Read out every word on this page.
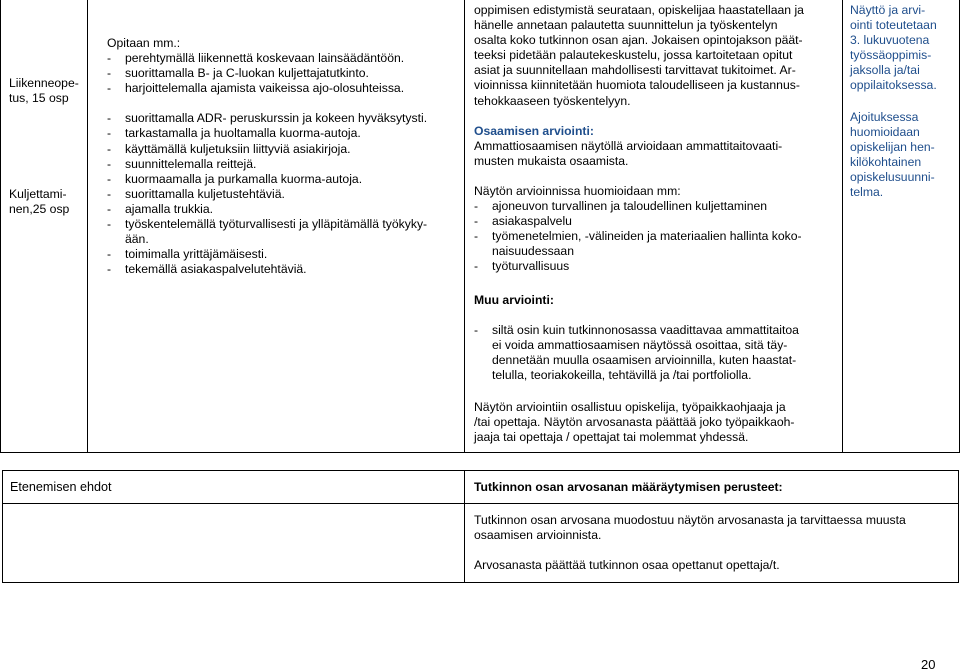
Liikenneope-
tus, 15 osp
Kuljettami-
nen,25 osp
Opitaan mm.:
- perehtymällä liikennettä koskevaan lainsäädäntöön.
- suorittamalla B- ja C-luokan kuljettajatutkinto.
- harjoittelemalla ajamista vaikeissa ajo-olosuhteissa.
- suorittamalla ADR- peruskurssin ja kokeen hyväksytysti.
- tarkastamalla ja huoltamalla kuorma-autoja.
- käyttämällä kuljetuksiin liittyviä asiakirjoja.
- suunnittelemalla reittejä.
- kuormaamalla ja purkamalla kuorma-autoja.
- suorittamalla kuljetustehtäviä.
- ajamalla trukkia.
- työskentelemällä työturvallisesti ja ylläpitämällä työkyky-
ään.
- toimimalla yrittäjämäisesti.
- tekemällä asiakaspalvelutehtäviä.
oppimisen edistymistä seurataan, opiskelijaa haastatellaan ja
hänelle annetaan palautetta suunnittelun ja työskentelyn
osalta koko tutkinnon osan ajan. Jokaisen opintojakson päät-
teeksi pidetään palautekeskustelu, jossa kartoitetaan opitut
asiat ja suunnitellaan mahdollisesti tarvittavat tukitoimet. Ar-
vioinnissa kiinnitetään huomiota taloudelliseen ja kustannus-
tehokkaaseen työskentelyyn.
Osaamisen arviointi:
Ammattiosaamisen näytöllä arvioidaan ammattitaitovaati-
musten mukaista osaamista.
Näytön arvioinnissa huomioidaan mm:
- ajoneuvon turvallinen ja taloudellinen kuljettaminen
- asiakaspalvelu
- työmenetelmien, -välineiden ja materiaalien hallinta koko-
naisuudessaan
- työturvallisuus
Muu arviointi:
- siltä osin kuin tutkinnonosassa vaadittavaa ammattitaitoa
ei voida ammattiosaamisen näytössä osoittaa, sitä täy-
dennetään muulla osaamisen arvioinnilla, kuten haastat-
telulla, teoriakokeilla, tehtävillä ja /tai portfoliolla.
Näytön arviointiin osallistuu opiskelija, työpaikkaohjaaja ja
/tai opettaja. Näytön arvosanasta päättää joko työpaikkaoh-
jaaja tai opettaja / opettajat tai molemmat yhdessä.
Näyttö ja arvi-
ointi toteutetaan
3. lukuvuotena
työssäoppimis-
jaksolla ja/tai
oppilaitoksessa.
Ajoituksessa
huomioidaan
opiskelijan hen-
kilökohtainen
opiskelusuunni-
telma.
Etenemisen ehdot	Tutkinnon osan arvosanan määräytymisen perusteet:
Tutkinnon osan arvosana muodostuu näytön arvosanasta ja tarvittaessa muusta
osaamisen arvioinnista.
Arvosanasta päättää tutkinnon osaa opettanut opettaja/t.
20
